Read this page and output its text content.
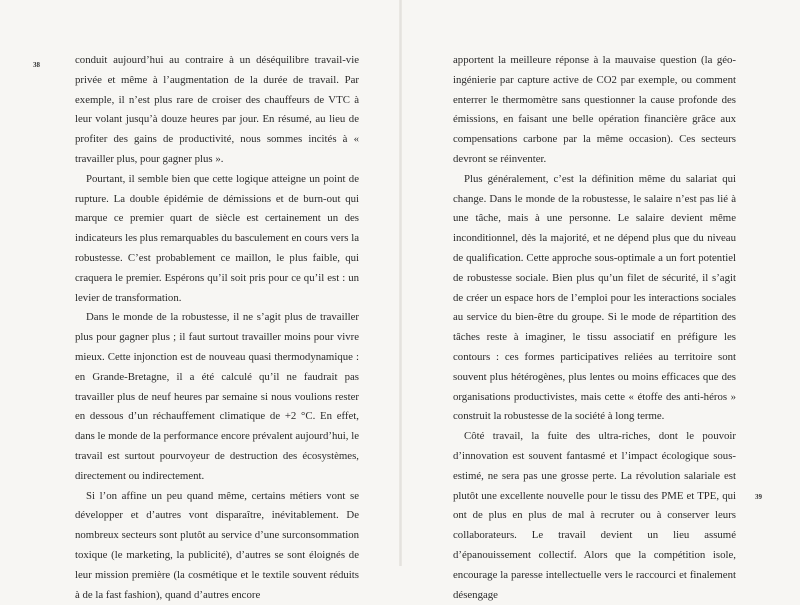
38	conduit aujourd’hui au contraire à un déséquilibre travail-vie privée et même à l’augmentation de la durée de travail. Par exemple, il n’est plus rare de croiser des chauffeurs de VTC à leur volant jusqu’à douze heures par jour. En résumé, au lieu de profiter des gains de productivité, nous sommes incités à « travailler plus, pour gagner plus ».

Pourtant, il semble bien que cette logique atteigne un point de rupture. La double épidémie de démissions et de burn-out qui marque ce premier quart de siècle est certainement un des indicateurs les plus remarquables du basculement en cours vers la robustesse. C’est probablement ce maillon, le plus faible, qui craquera le premier. Espérons qu’il soit pris pour ce qu’il est : un levier de transformation.

Dans le monde de la robustesse, il ne s’agit plus de travailler plus pour gagner plus ; il faut surtout travailler moins pour vivre mieux. Cette injonction est de nouveau quasi thermodynamique : en Grande-Bretagne, il a été calculé qu’il ne faudrait pas travailler plus de neuf heures par semaine si nous voulions rester en dessous d’un réchauffement climatique de +2 °C. En effet, dans le monde de la performance encore prévalent aujourd’hui, le travail est surtout pourvoyeur de destruction des écosystèmes, directement ou indirectement.

Si l’on affine un peu quand même, certains métiers vont se développer et d’autres vont disparaître, inévitablement. De nombreux secteurs sont plutôt au service d’une surconsommation toxique (le marketing, la publicité), d’autres se sont éloignés de leur mission première (la cosmétique et le textile souvent réduits à de la fast fashion), quand d’autres encore

apportent la meilleure réponse à la mauvaise question (la géo-ingénierie par capture active de CO2 par exemple, ou comment enterrer le thermomètre sans questionner la cause profonde des émissions, en faisant une belle opération financière grâce aux compensations carbone par la même occasion). Ces secteurs devront se réinventer.

Plus généralement, c’est la définition même du salariat qui change. Dans le monde de la robustesse, le salaire n’est pas lié à une tâche, mais à une personne. Le salaire devient même inconditionnel, dès la majorité, et ne dépend plus que du niveau de qualification. Cette approche sous-optimale a un fort potentiel de robustesse sociale. Bien plus qu’un filet de sécurité, il s’agit de créer un espace hors de l’emploi pour les interactions sociales au service du bien-être du groupe. Si le mode de répartition des tâches reste à imaginer, le tissu associatif en préfigure les contours : ces formes participatives reliées au territoire sont souvent plus hétérogènes, plus lentes ou moins efficaces que des organisations productivistes, mais cette « étoffe des anti-héros » construit la robustesse de la société à long terme.

Côté travail, la fuite des ultra-riches, dont le pouvoir d’innovation est souvent fantasmé et l’impact écologique sous-estimé, ne sera pas une grosse perte. La révolution salariale est plutôt une excellente nouvelle pour le tissu des PME et TPE, qui ont de plus en plus de mal à recruter ou à conserver leurs collaborateurs. Le travail devient un lieu assumé d’épanouissement collectif. Alors que la compétition isole, encourage la paresse intellectuelle vers le raccourci et finalement désengage

39
